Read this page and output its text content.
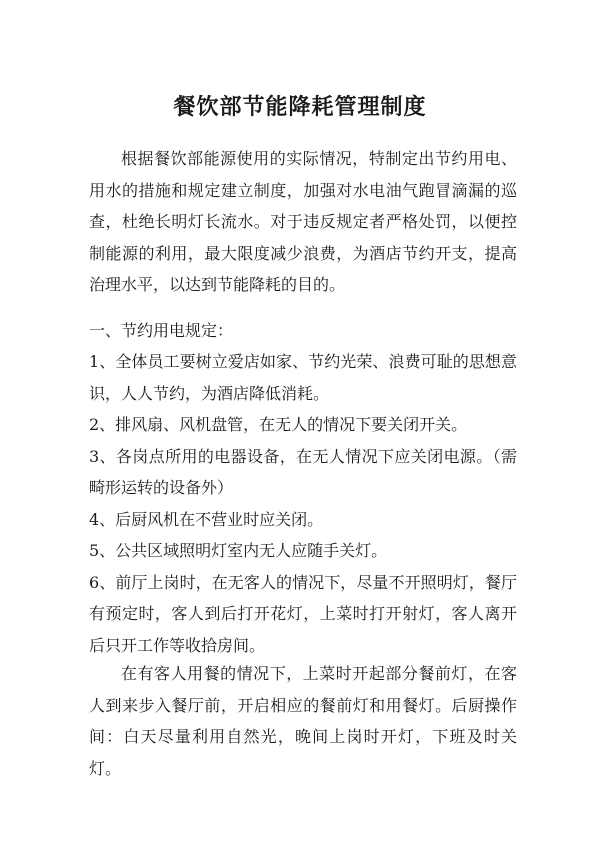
餐饮部节能降耗管理制度

根据餐饮部能源使用的实际情况，特制定出节约用电、用水的措施和规定建立制度，加强对水电油气跑冒滴漏的巡查，杜绝长明灯长流水。对于违反规定者严格处罚，以便控制能源的利用，最大限度减少浪费，为酒店节约开支，提高治理水平，以达到节能降耗的目的。

一、节约用电规定：

1、全体员工要树立爱店如家、节约光荣、浪费可耻的思想意识，人人节约，为酒店降低消耗。
2、排风扇、风机盘管，在无人的情况下要关闭开关。
3、各岗点所用的电器设备，在无人情况下应关闭电源。（需畸形运转的设备外）
4、后厨风机在不营业时应关闭。
5、公共区域照明灯室内无人应随手关灯。
6、前厅上岗时，在无客人的情况下，尽量不开照明灯，餐厅有预定时，客人到后打开花灯，上菜时打开射灯，客人离开后只开工作等收拾房间。

在有客人用餐的情况下，上菜时开起部分餐前灯，在客人到来步入餐厅前，开启相应的餐前灯和用餐灯。后厨操作间：白天尽量利用自然光，晚间上岗时开灯，下班及时关灯。
